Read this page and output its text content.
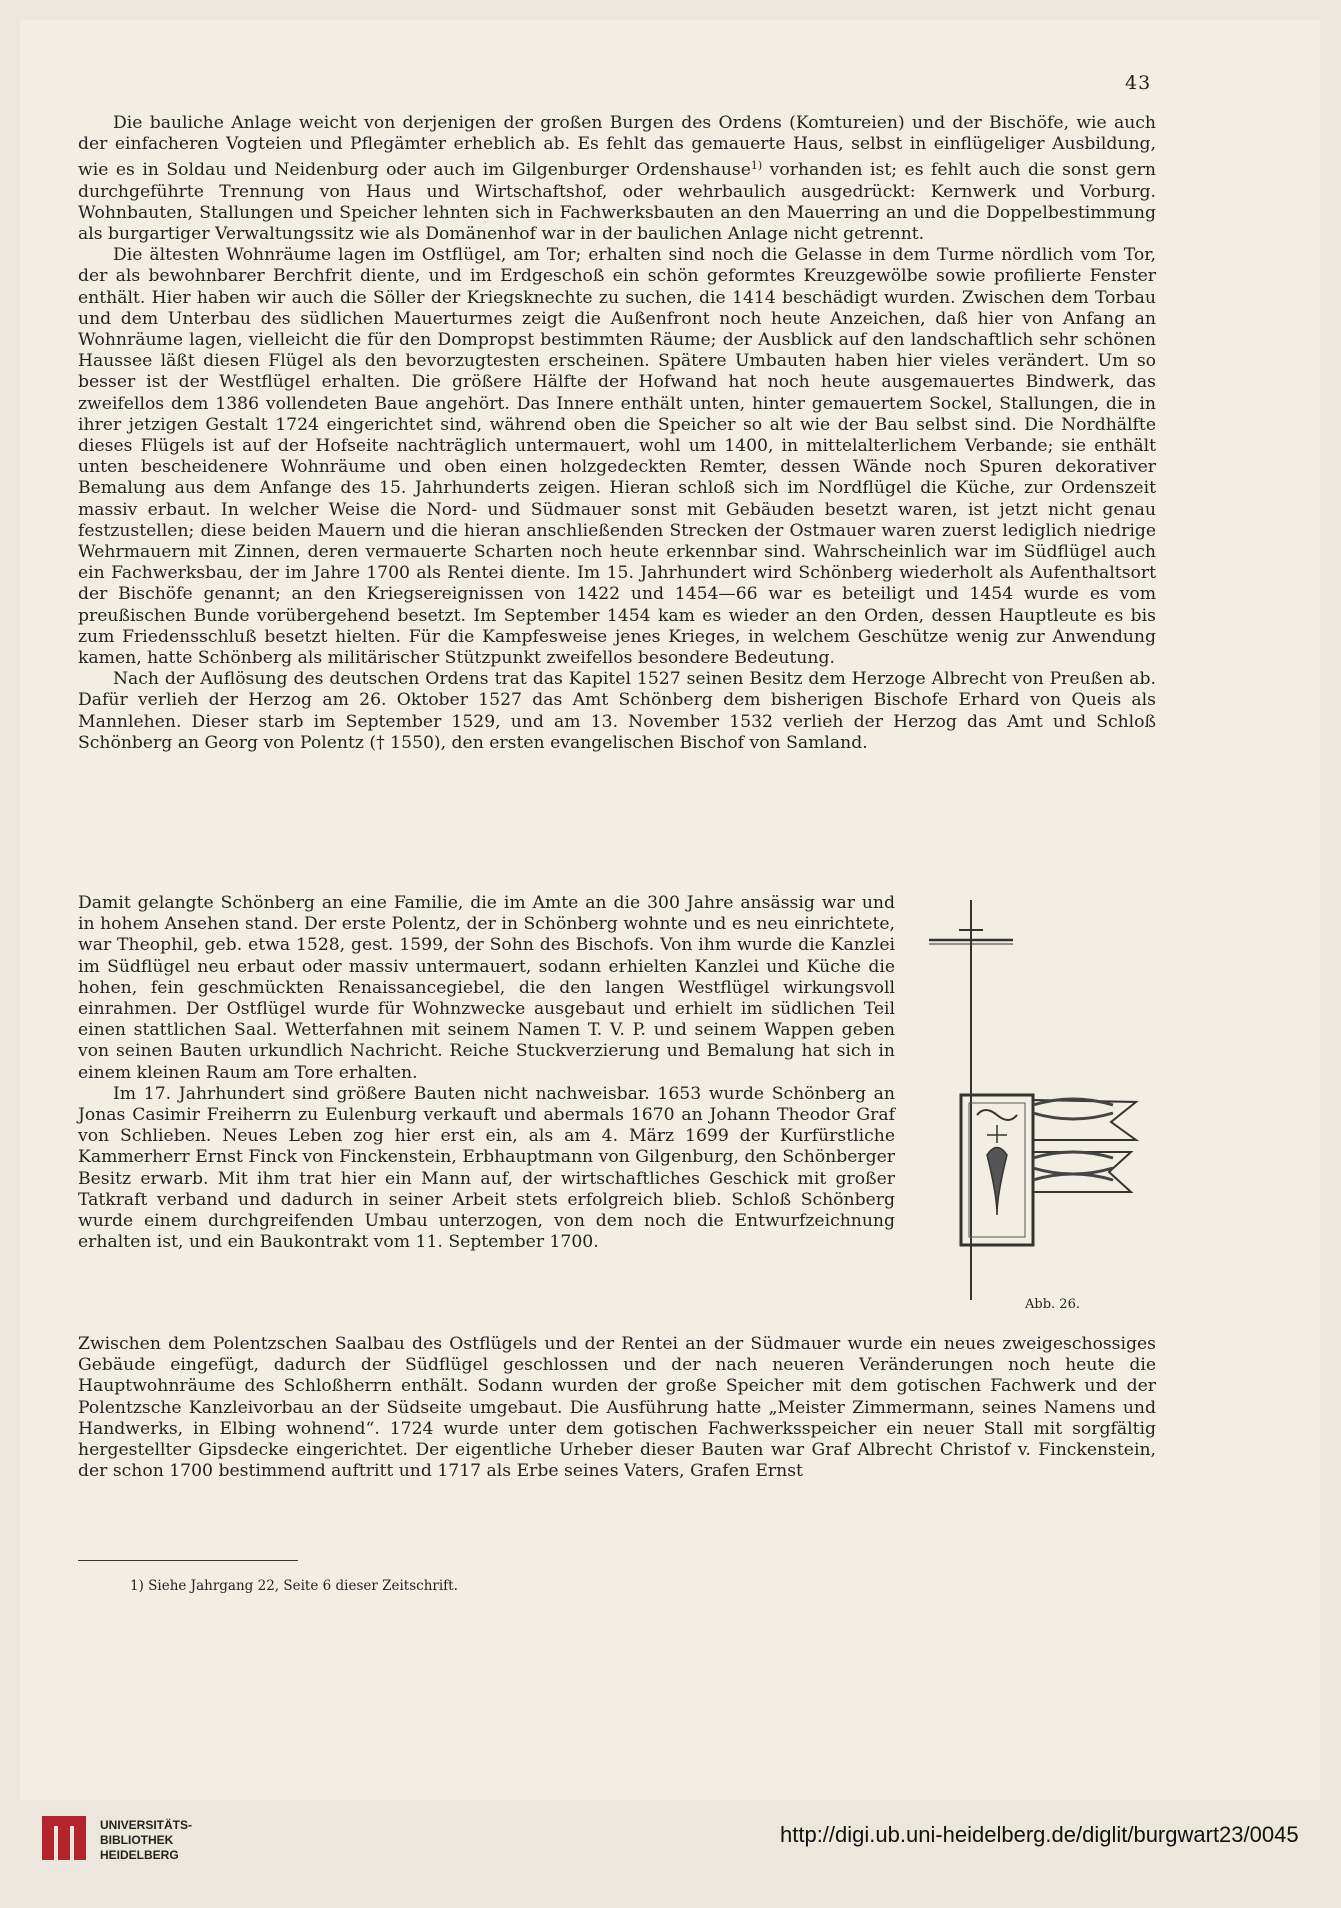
43

Die bauliche Anlage weicht von derjenigen der großen Burgen des Ordens (Komtureien) und der Bischöfe, wie auch der einfacheren Vogteien und Pflegämter erheblich ab. Es fehlt das gemauerte Haus, selbst in einflügeliger Ausbildung, wie es in Soldau und Neidenburg oder auch im Gilgenburger Ordenshause$^{1)}$ vorhanden ist; es fehlt auch die sonst gern durchgeführte Trennung von Haus und Wirtschaftshof, oder wehrbaulich ausgedrückt: Kernwerk und Vorburg. Wohnbauten, Stallungen und Speicher lehnten sich in Fachwerksbauten an den Mauerring an und die Doppelbestimmung als burgartiger Verwaltungssitz wie als Domänenhof war in der baulichen Anlage nicht getrennt.

Die ältesten Wohnräume lagen im Ostflügel, am Tor; erhalten sind noch die Gelasse in dem Turme nördlich vom Tor, der als bewohnbarer Berchfrit diente, und im Erdgeschoß ein schön geformtes Kreuzgewölbe sowie profilierte Fenster enthält. Hier haben wir auch die Söller der Kriegsknechte zu suchen, die 1414 beschädigt wurden. Zwischen dem Torbau und dem Unterbau des südlichen Mauerturmes zeigt die Außenfront noch heute Anzeichen, daß hier von Anfang an Wohnräume lagen, vielleicht die für den Dompropst bestimmten Räume; der Ausblick auf den landschaftlich sehr schönen Haussee läßt diesen Flügel als den bevorzugtesten erscheinen. Spätere Umbauten haben hier vieles verändert. Um so besser ist der Westflügel erhalten. Die größere Hälfte der Hofwand hat noch heute ausgemauertes Bindwerk, das zweifellos dem 1386 vollendeten Baue angehört. Das Innere enthält unten, hinter gemauertem Sockel, Stallungen, die in ihrer jetzigen Gestalt 1724 eingerichtet sind, während oben die Speicher so alt wie der Bau selbst sind. Die Nordhälfte dieses Flügels ist auf der Hofseite nachträglich untermauert, wohl um 1400, in mittelalterlichem Verbande; sie enthält unten bescheidenere Wohnräume und oben einen holzgedeckten Remter, dessen Wände noch Spuren dekorativer Bemalung aus dem Anfange des 15. Jahrhunderts zeigen. Hieran schloß sich im Nordflügel die Küche, zur Ordenszeit massiv erbaut. In welcher Weise die Nord- und Südmauer sonst mit Gebäuden besetzt waren, ist jetzt nicht genau festzustellen; diese beiden Mauern und die hieran anschließenden Strecken der Ostmauer waren zuerst lediglich niedrige Wehrmauern mit Zinnen, deren vermauerte Scharten noch heute erkennbar sind. Wahrscheinlich war im Südflügel auch ein Fachwerksbau, der im Jahre 1700 als Rentei diente. Im 15. Jahrhundert wird Schönberg wiederholt als Aufenthaltsort der Bischöfe genannt; an den Kriegsereignissen von 1422 und 1454—66 war es beteiligt und 1454 wurde es vom preußischen Bunde vorübergehend besetzt. Im September 1454 kam es wieder an den Orden, dessen Hauptleute es bis zum Friedensschluß besetzt hielten. Für die Kampfesweise jenes Krieges, in welchem Geschütze wenig zur Anwendung kamen, hatte Schönberg als militärischer Stützpunkt zweifellos besondere Bedeutung.

Nach der Auflösung des deutschen Ordens trat das Kapitel 1527 seinen Besitz dem Herzoge Albrecht von Preußen ab. Dafür verlieh der Herzog am 26. Oktober 1527 das Amt Schönberg dem bisherigen Bischofe Erhard von Queis als Mannlehen. Dieser starb im September 1529, und am 13. November 1532 verlieh der Herzog das Amt und Schloß Schönberg an Georg von Polentz († 1550), den ersten evangelischen Bischof von Samland.

Damit gelangte Schönberg an eine Familie, die im Amte an die 300 Jahre ansässig war und in hohem Ansehen stand. Der erste Polentz, der in Schönberg wohnte und es neu einrichtete, war Theophil, geb. etwa 1528, gest. 1599, der Sohn des Bischofs. Von ihm wurde die Kanzlei im Südflügel neu erbaut oder massiv untermauert, sodann erhielten Kanzlei und Küche die hohen, fein geschmückten Renaissancegiebel, die den langen Westflügel wirkungsvoll einrahmen. Der Ostflügel wurde für Wohnzwecke ausgebaut und erhielt im südlichen Teil einen stattlichen Saal. Wetterfahnen mit seinem Namen T. V. P. und seinem Wappen geben von seinen Bauten urkundlich Nachricht. Reiche Stuckverzierung und Bemalung hat sich in einem kleinen Raum am Tore erhalten.

Im 17. Jahrhundert sind größere Bauten nicht nachweisbar. 1653 wurde Schönberg an Jonas Casimir Freiherrn zu Eulenburg verkauft und abermals 1670 an Johann Theodor Graf von Schlieben. Neues Leben zog hier erst ein, als am 4. März 1699 der Kurfürstliche Kammerherr Ernst Finck von Finckenstein, Erbhauptmann von Gilgenburg, den Schönberger Besitz erwarb. Mit ihm trat hier ein Mann auf, der wirtschaftliches Geschick mit großer Tatkraft verband und dadurch in seiner Arbeit stets erfolgreich blieb. Schloß Schönberg wurde einem durchgreifenden Umbau unterzogen, von dem noch die Entwurfzeichnung erhalten ist, und ein Baukontrakt vom 11. September 1700.

Zwischen dem Polentzschen Saalbau des Ostflügels und der Rentei an der Südmauer wurde ein neues zweigeschossiges Gebäude eingefügt, dadurch der Südflügel geschlossen und der nach neueren Veränderungen noch heute die Hauptwohnräume des Schloßherrn enthält. Sodann wurden der große Speicher mit dem gotischen Fachwerk und der Polentzsche Kanzleivorbau an der Südseite umgebaut. Die Ausführung hatte „Meister Zimmermann, seines Namens und Handwerks, in Elbing wohnend“. 1724 wurde unter dem gotischen Fachwerksspeicher ein neuer Stall mit sorgfältig hergestellter Gipsdecke eingerichtet. Der eigentliche Urheber dieser Bauten war Graf Albrecht Christof v. Finckenstein, der schon 1700 bestimmend auftritt und 1717 als Erbe seines Vaters, Grafen Ernst

Abb. 26.
1) Siehe Jahrgang 22, Seite 6 dieser Zeitschrift.
UNIVERSITÄTS-
BIBLIOTHEK
HEIDELBERG
http://digi.ub.uni-heidelberg.de/diglit/burgwart23/0045
